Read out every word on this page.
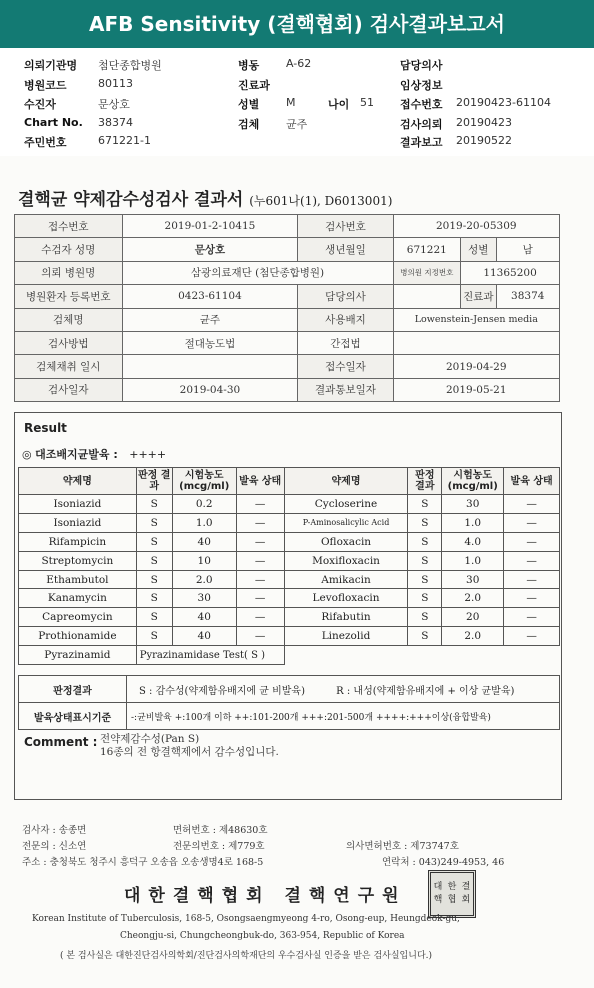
AFB Sensitivity (결핵협회) 검사결과보고서
의뢰기관명 첨단종합병원
병원코드	80113
수진자	문상호
Chart No. 38374
주민번호	671221-1
병동 A-62
진료과
성별 M	나이 51
검체 균주
담당의사
임상정보
접수번호 20190423-61104
검사의뢰 20190423
결과보고 20190522
결핵균 약제감수성검사 결과서 (누601나(1), D6013001)
접수번호	2019-01-2-10415	검사번호	2019-20-05309		
수검자 성명	문상호	생년월일	671221	성별	남
의뢰 병원명	삼광의료재단 (첨단종합병원)		병의원 지정번호	11365200	
병원환자 등록번호	0423-61104	담당의사		진료과	38374
검체명	균주	사용배지	Lowenstein-Jensen media		
검사방법	절대농도법	간접법			
검체채취 일시		접수일자	2019-04-29		
검사일자	2019-04-30	결과통보일자	2019-05-21		
Result
◎ 대조배지균발육 : ++++
약제명	판정 결과	시험농도 (mcg/ml)	발육 상태	약제명	판정 결과	시험농도 (mcg/ml)	발육 상태
Isoniazid	S	0.2	—	Cycloserine	S	30	—
Isoniazid	S	1.0	—	P-Aminosalicylic Acid	S	1.0	—
Rifampicin	S	40	—	Ofloxacin	S	4.0	—
Streptomycin	S	10	—	Moxifloxacin	S	1.0	—
Ethambutol	S	2.0	—	Amikacin	S	30	—
Kanamycin	S	30	—	Levofloxacin	S	2.0	—
Capreomycin	S	40	—	Rifabutin	S	20	—
Prothionamide	S	40	—	Linezolid	S	2.0	—
Pyrazinamid	Pyrazinamidase Test( S )						
판정결과	S : 감수성(약제함유배지에 균 비발육) R : 내성(약제함유배지에 + 이상 균발육)
발육상태표시기준	-:균비발육 +:100개 이하 ++:101-200개 +++:201-500개 ++++:+++이상(융합발육)
Comment : 전약제감수성(Pan S)
16종의 전 항결핵제에서 감수성입니다.
검사자 : 송종면	면허번호 : 제48630호
전문의 : 신소연	전문의번호 : 제779호	의사면허번호 : 제73747호
주소 : 충청북도 청주시 흥덕구 오송읍 오송생명4로 168-5	연락처 : 043)249-4953, 46
대한결핵협회 결핵연구원	대 한 결
핵 협 회
Korean Institute of Tuberculosis, 168-5, Osongsaengmyeong 4-ro, Osong-eup, Heungdeok-gu,
Cheongju-si, Chungcheongbuk-do, 363-954, Republic of Korea
( 본 검사실은 대한진단검사의학회/진단검사의학재단의 우수검사실 인증을 받은 검사실입니다.)
